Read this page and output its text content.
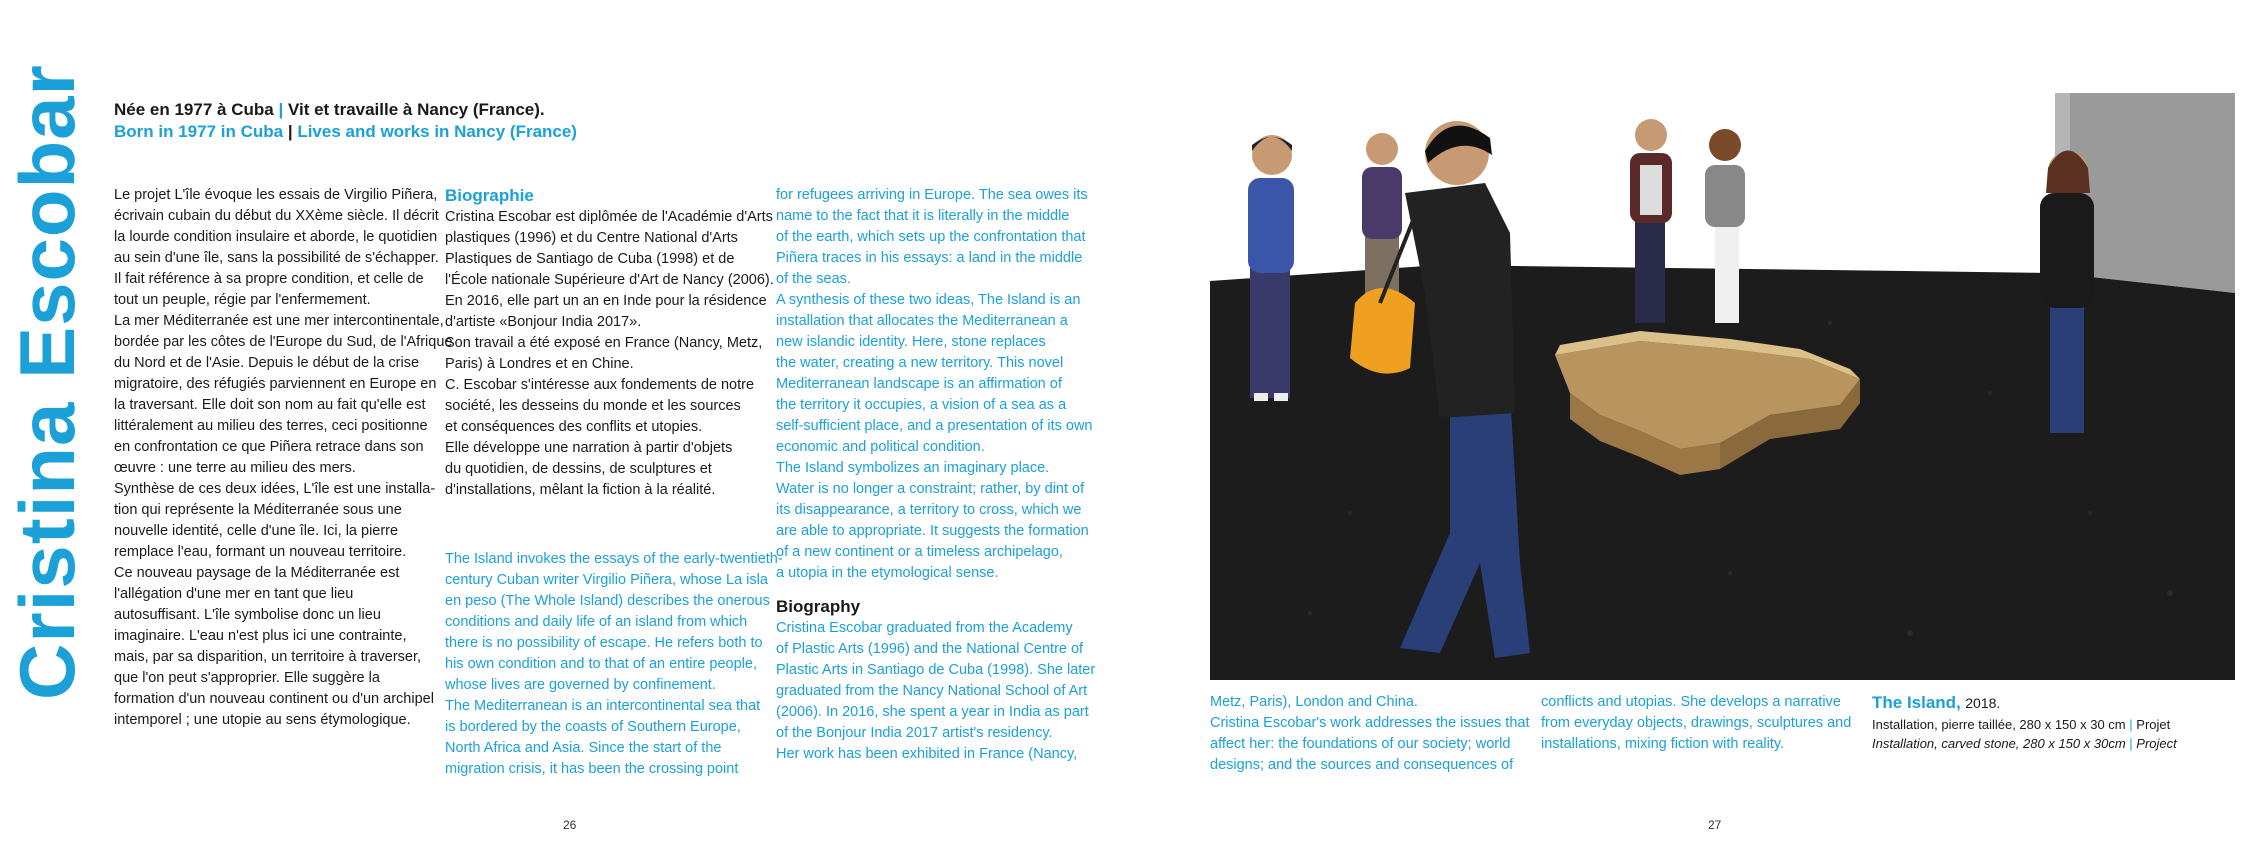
Cristina Escobar Née en 1977 à Cuba | Vit et travaille à Nancy (France).
Born in 1977 in Cuba | Lives and works in Nancy (France)

Le projet L'île évoque les essais de Virgilio Piñera,

écrivain cubain du début du XXème siècle. Il décrit

la lourde condition insulaire et aborde, le quotidien

au sein d'une île, sans la possibilité de s'échapper.

Il fait référence à sa propre condition, et celle de

tout un peuple, régie par l'enfermement.

La mer Méditerranée est une mer intercontinentale,

bordée par les côtes de l'Europe du Sud, de l'Afrique

du Nord et de l'Asie. Depuis le début de la crise

migratoire, des réfugiés parviennent en Europe en

la traversant. Elle doit son nom au fait qu'elle est

littéralement au milieu des terres, ceci positionne

en confrontation ce que Piñera retrace dans son

œuvre : une terre au milieu des mers.

Synthèse de ces deux idées, L'île est une installa-

tion qui représente la Méditerranée sous une

nouvelle identité, celle d'une île. Ici, la pierre

remplace l'eau, formant un nouveau territoire.

Ce nouveau paysage de la Méditerranée est

l'allégation d'une mer en tant que lieu

autosuffisant. L'île symbolise donc un lieu

imaginaire. L'eau n'est plus ici une contrainte,

mais, par sa disparition, un territoire à traverser,

que l'on peut s'approprier. Elle suggère la

formation d'un nouveau continent ou d'un archipel

intemporel ; une utopie au sens étymologique.

Biographie

Cristina Escobar est diplômée de l'Académie d'Arts

plastiques (1996) et du Centre National d'Arts

Plastiques de Santiago de Cuba (1998) et de

l'École nationale Supérieure d'Art de Nancy (2006).

En 2016, elle part un an en Inde pour la résidence

d'artiste «Bonjour India 2017».

Son travail a été exposé en France (Nancy, Metz,

Paris) à Londres et en Chine.

C. Escobar s'intéresse aux fondements de notre

société, les desseins du monde et les sources

et conséquences des conflits et utopies.

Elle développe une narration à partir d'objets

du quotidien, de dessins, de sculptures et

d'installations, mêlant la fiction à la réalité.

The Island invokes the essays of the early-twentieth-

century Cuban writer Virgilio Piñera, whose La isla

en peso (The Whole Island) describes the onerous

conditions and daily life of an island from which

there is no possibility of escape. He refers both to

his own condition and to that of an entire people,

whose lives are governed by confinement.

The Mediterranean is an intercontinental sea that

is bordered by the coasts of Southern Europe,

North Africa and Asia. Since the start of the

migration crisis, it has been the crossing point

for refugees arriving in Europe. The sea owes its

name to the fact that it is literally in the middle

of the earth, which sets up the confrontation that

Piñera traces in his essays: a land in the middle

of the seas.

A synthesis of these two ideas, The Island is an

installation that allocates the Mediterranean a

new islandic identity. Here, stone replaces

the water, creating a new territory. This novel

Mediterranean landscape is an affirmation of

the territory it occupies, a vision of a sea as a

self-sufficient place, and a presentation of its own

economic and political condition.

The Island symbolizes an imaginary place.

Water is no longer a constraint; rather, by dint of

its disappearance, a territory to cross, which we

are able to appropriate. It suggests the formation

of a new continent or a timeless archipelago,

a utopia in the etymological sense.

Biography

Cristina Escobar graduated from the Academy

of Plastic Arts (1996) and the National Centre of

Plastic Arts in Santiago de Cuba (1998). She later

graduated from the Nancy National School of Art

(2006). In 2016, she spent a year in India as part

of the Bonjour India 2017 artist's residency.

Her work has been exhibited in France (Nancy,

Metz, Paris), London and China.

Cristina Escobar's work addresses the issues that

affect her: the foundations of our society; world

designs; and the sources and consequences of

conflicts and utopias. She develops a narrative

from everyday objects, drawings, sculptures and

installations, mixing fiction with reality.

The Island, 2018.
Installation, pierre taillée, 280 x 150 x 30 cm | Projet
Installation, carved stone, 280 x 150 x 30cm | Project
26	27
